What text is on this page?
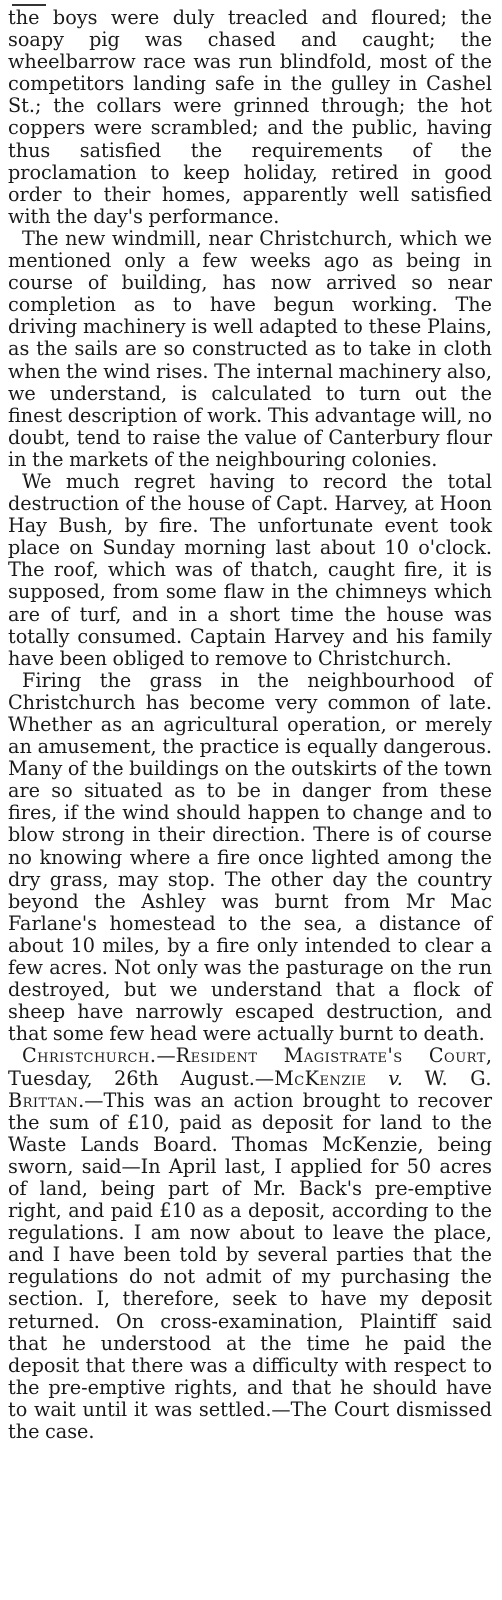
the boys were duly treacled and floured; the soapy pig was chased and caught; the wheelbarrow race was run blindfold, most of the competitors landing safe in the gulley in Cashel St.; the collars were grinned through; the hot coppers were scrambled; and the public, having thus satisfied the requirements of the proclamation to keep holiday, retired in good order to their homes, apparently well satisfied with the day's performance.

The new windmill, near Christchurch, which we mentioned only a few weeks ago as being in course of building, has now arrived so near completion as to have begun working. The driving machinery is well adapted to these Plains, as the sails are so constructed as to take in cloth when the wind rises. The internal machinery also, we understand, is calculated to turn out the finest description of work. This advantage will, no doubt, tend to raise the value of Canterbury flour in the markets of the neighbouring colonies.

We much regret having to record the total destruction of the house of Capt. Harvey, at Hoon Hay Bush, by fire. The unfortunate event took place on Sunday morning last about 10 o'clock. The roof, which was of thatch, caught fire, it is supposed, from some flaw in the chimneys which are of turf, and in a short time the house was totally consumed. Captain Harvey and his family have been obliged to remove to Christchurch.

Firing the grass in the neighbourhood of Christchurch has become very common of late. Whether as an agricultural operation, or merely an amusement, the practice is equally dangerous. Many of the buildings on the outskirts of the town are so situated as to be in danger from these fires, if the wind should happen to change and to blow strong in their direction. There is of course no knowing where a fire once lighted among the dry grass, may stop. The other day the country beyond the Ashley was burnt from Mr Mac Farlane's homestead to the sea, a distance of about 10 miles, by a fire only intended to clear a few acres. Not only was the pasturage on the run destroyed, but we understand that a flock of sheep have narrowly escaped destruction, and that some few head were actually burnt to death.

Christchurch.—Resident Magistrate's Court, Tuesday, 26th August.—McKenzie v. W. G. Brittan.—This was an action brought to recover the sum of £10, paid as deposit for land to the Waste Lands Board. Thomas McKenzie, being sworn, said—In April last, I applied for 50 acres of land, being part of Mr. Back's pre-emptive right, and paid £10 as a deposit, according to the regulations. I am now about to leave the place, and I have been told by several parties that the regulations do not admit of my purchasing the section. I, therefore, seek to have my deposit returned. On cross-examination, Plaintiff said that he understood at the time he paid the deposit that there was a difficulty with respect to the pre-emptive rights, and that he should have to wait until it was settled.—The Court dismissed the case.
